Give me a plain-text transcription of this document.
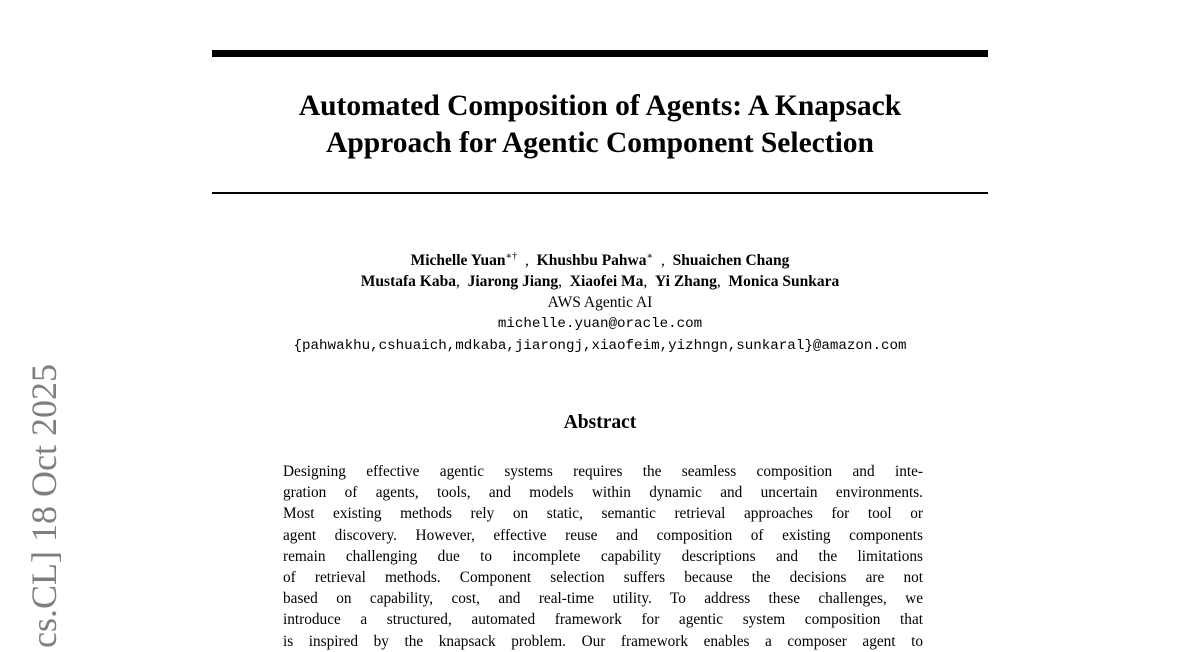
cs.CL] 18 Oct 2025
Automated Composition of Agents: A Knapsack
Approach for Agentic Component Selection
Michelle Yuan∗†  ,  Khushbu Pahwa∗  ,  Shuaichen Chang
Mustafa Kaba,  Jiarong Jiang,  Xiaofei Ma,  Yi Zhang,  Monica Sunkara
AWS Agentic AI
michelle.yuan@oracle.com
{pahwakhu,cshuaich,mdkaba,jiarongj,xiaofeim,yizhngn,sunkaral}@amazon.com
Abstract
Designing effective agentic systems requires the seamless composition and inte-
gration of agents, tools, and models within dynamic and uncertain environments.
Most existing methods rely on static, semantic retrieval approaches for tool or
agent discovery. However, effective reuse and composition of existing components
remain challenging due to incomplete capability descriptions and the limitations
of retrieval methods. Component selection suffers because the decisions are not
based on capability, cost, and real-time utility. To address these challenges, we
introduce a structured, automated framework for agentic system composition that
is inspired by the knapsack problem. Our framework enables a composer agent to
